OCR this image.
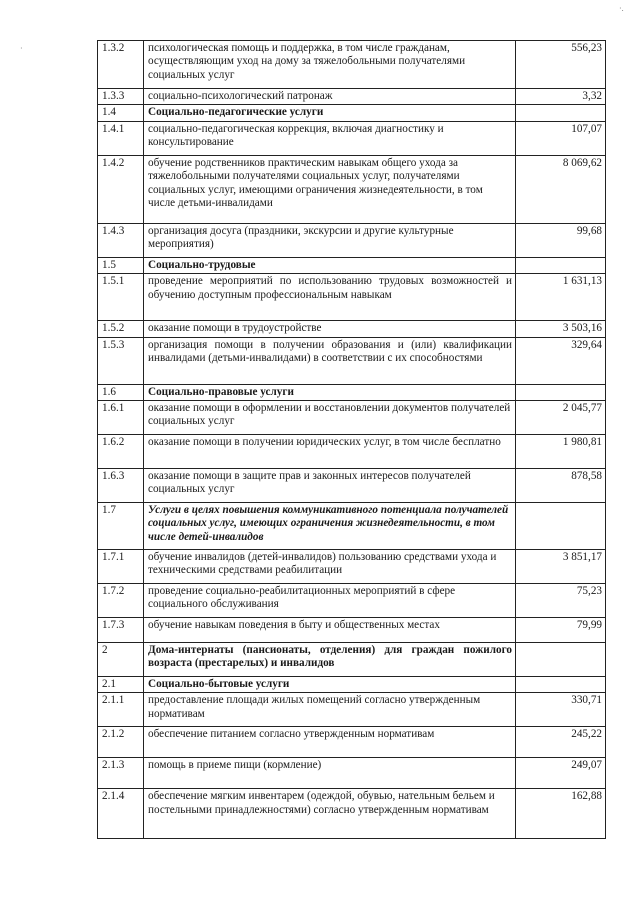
·.
·	1.3.2	психологическая помощь и поддержка, в том числе гражданам, осуществляющим уход на дому за тяжелобольными получателями социальных услуг	556,23
1.3.3	социально-психологический патронаж	3,32
1.4	Социально-педагогические услуги	
1.4.1	социально-педагогическая коррекция, включая диагностику и консультирование	107,07
1.4.2	обучение родственников практическим навыкам общего ухода за тяжелобольными получателями социальных услуг, получателями социальных услуг, имеющими ограничения жизнедеятельности, в том числе детьми-инвалидами	8 069,62
1.4.3	организация досуга (праздники, экскурсии и другие культурные мероприятия)	99,68
1.5	Социально-трудовые	
1.5.1	проведение мероприятий по использованию трудовых возможностей и обучению доступным профессиональным навыкам	1 631,13
1.5.2	оказание помощи в трудоустройстве	3 503,16
1.5.3	организация помощи в получении образования и (или) квалификации инвалидами (детьми-инвалидами) в соответствии с их способностями	329,64
1.6	Социально-правовые услуги	
1.6.1	оказание помощи в оформлении и восстановлении документов получателей социальных услуг	2 045,77
1.6.2	оказание помощи в получении юридических услуг, в том числе бесплатно	1 980,81
1.6.3	оказание помощи в защите прав и законных интересов получателей социальных услуг	878,58
1.7	Услуги в целях повышения коммуникативного потенциала получателей социальных услуг, имеющих ограничения жизнедеятельности, в том числе детей-инвалидов	
1.7.1	обучение инвалидов (детей-инвалидов) пользованию средствами ухода и техническими средствами реабилитации	3 851,17
1.7.2	проведение социально-реабилитационных мероприятий в сфере социального обслуживания	75,23
1.7.3	обучение навыкам поведения в быту и общественных местах	79,99
2	Дома-интернаты (пансионаты, отделения) для граждан пожилого возраста (престарелых) и инвалидов	
2.1	Социально-бытовые услуги	
2.1.1	предоставление площади жилых помещений согласно утвержденным нормативам	330,71
2.1.2	обеспечение питанием согласно утвержденным нормативам	245,22
2.1.3	помощь в приеме пищи (кормление)	249,07
2.1.4	обеспечение мягким инвентарем (одеждой, обувью, нательным бельем и постельными принадлежностями) согласно утвержденным нормативам	162,88
